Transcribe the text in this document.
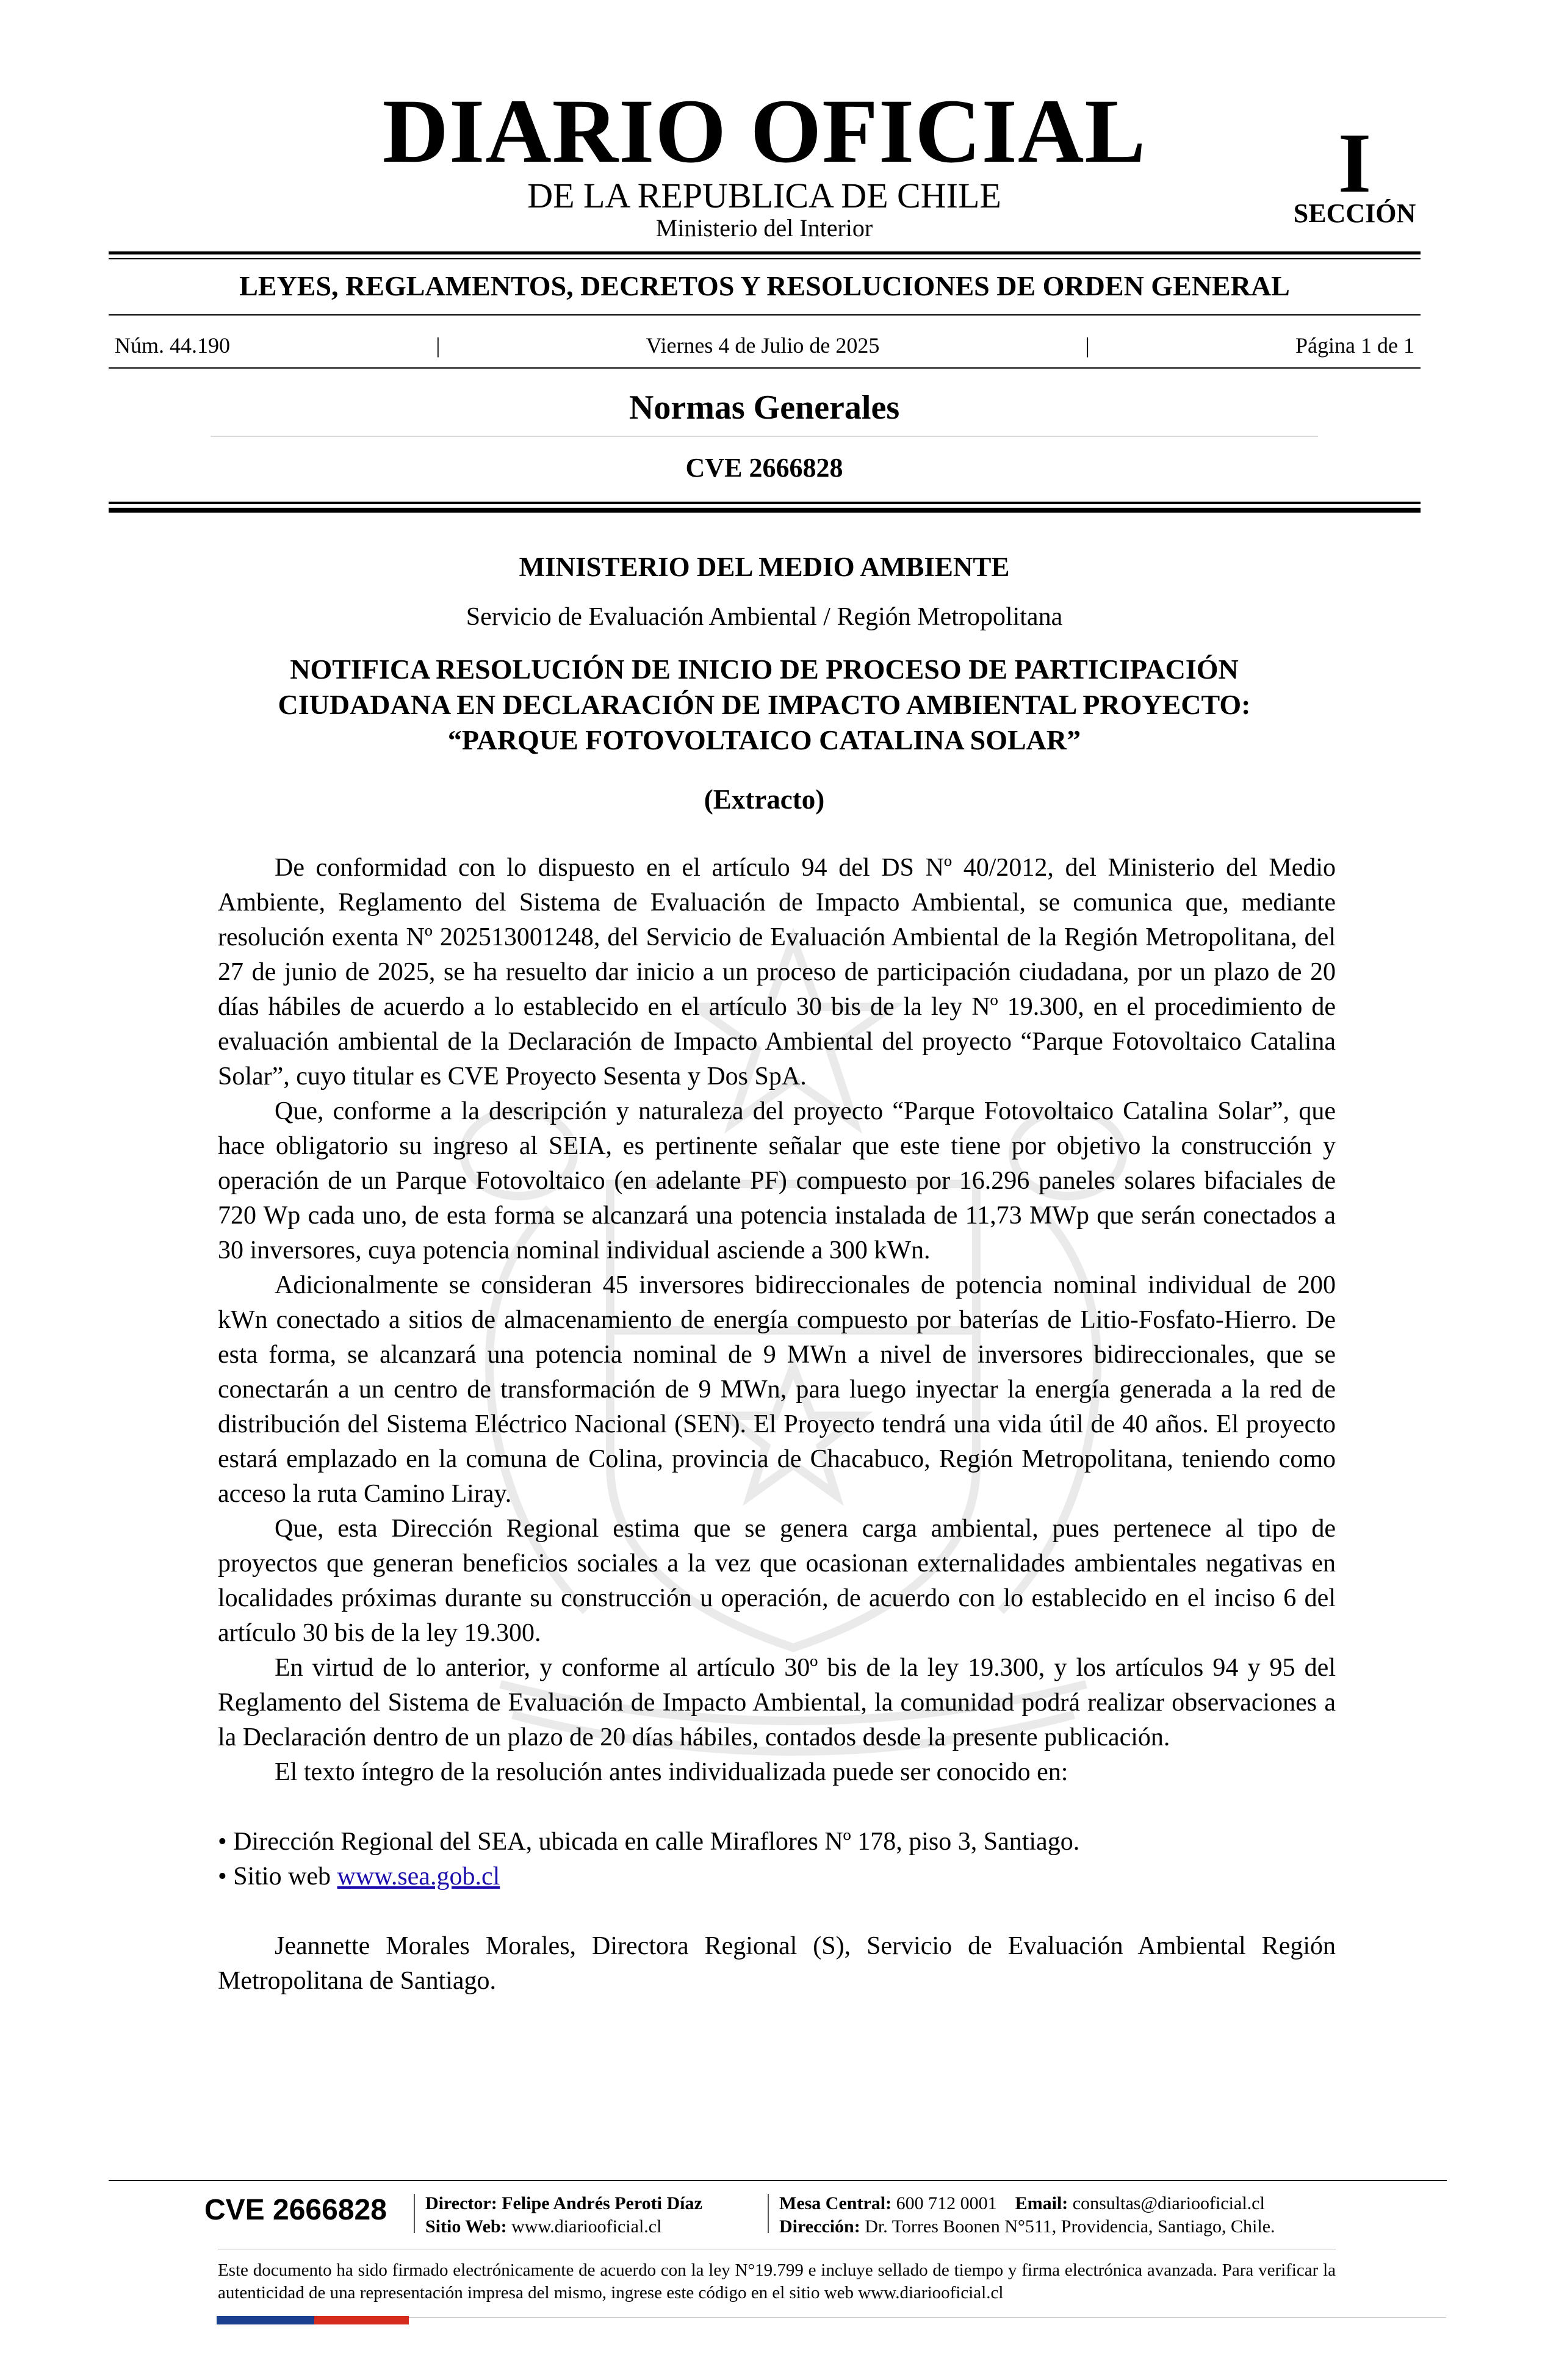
DIARIO OFICIAL
DE LA REPUBLICA DE CHILE
Ministerio del Interior
I
SECCIÓN
LEYES, REGLAMENTOS, DECRETOS Y RESOLUCIONES DE ORDEN GENERAL
Núm. 44.190	|	Viernes 4 de Julio de 2025	|	Página 1 de 1
Normas Generales
CVE 2666828
MINISTERIO DEL MEDIO AMBIENTE
Servicio de Evaluación Ambiental / Región Metropolitana
NOTIFICA RESOLUCIÓN DE INICIO DE PROCESO DE PARTICIPACIÓN
CIUDADANA EN DECLARACIÓN DE IMPACTO AMBIENTAL PROYECTO:
“PARQUE FOTOVOLTAICO CATALINA SOLAR”
(Extracto)

De conformidad con lo dispuesto en el artículo 94 del DS Nº 40/2012, del Ministerio del Medio Ambiente, Reglamento del Sistema de Evaluación de Impacto Ambiental, se comunica que, mediante resolución exenta Nº 202513001248, del Servicio de Evaluación Ambiental de la Región Metropolitana, del 27 de junio de 2025, se ha resuelto dar inicio a un proceso de participación ciudadana, por un plazo de 20 días hábiles de acuerdo a lo establecido en el artículo 30 bis de la ley Nº 19.300, en el procedimiento de evaluación ambiental de la Declaración de Impacto Ambiental del proyecto “Parque Fotovoltaico Catalina Solar”, cuyo titular es CVE Proyecto Sesenta y Dos SpA.

Que, conforme a la descripción y naturaleza del proyecto “Parque Fotovoltaico Catalina Solar”, que hace obligatorio su ingreso al SEIA, es pertinente señalar que este tiene por objetivo la construcción y operación de un Parque Fotovoltaico (en adelante PF) compuesto por 16.296 paneles solares bifaciales de 720 Wp cada uno, de esta forma se alcanzará una potencia instalada de 11,73 MWp que serán conectados a 30 inversores, cuya potencia nominal individual asciende a 300 kWn.

Adicionalmente se consideran 45 inversores bidireccionales de potencia nominal individual de 200 kWn conectado a sitios de almacenamiento de energía compuesto por baterías de Litio-Fosfato-Hierro. De esta forma, se alcanzará una potencia nominal de 9 MWn a nivel de inversores bidireccionales, que se conectarán a un centro de transformación de 9 MWn, para luego inyectar la energía generada a la red de distribución del Sistema Eléctrico Nacional (SEN). El Proyecto tendrá una vida útil de 40 años. El proyecto estará emplazado en la comuna de Colina, provincia de Chacabuco, Región Metropolitana, teniendo como acceso la ruta Camino Liray.

Que, esta Dirección Regional estima que se genera carga ambiental, pues pertenece al tipo de proyectos que generan beneficios sociales a la vez que ocasionan externalidades ambientales negativas en localidades próximas durante su construcción u operación, de acuerdo con lo establecido en el inciso 6 del artículo 30 bis de la ley 19.300.

En virtud de lo anterior, y conforme al artículo 30º bis de la ley 19.300, y los artículos 94 y 95 del Reglamento del Sistema de Evaluación de Impacto Ambiental, la comunidad podrá realizar observaciones a la Declaración dentro de un plazo de 20 días hábiles, contados desde la presente publicación.

El texto íntegro de la resolución antes individualizada puede ser conocido en:

• Dirección Regional del SEA, ubicada en calle Miraflores Nº 178, piso 3, Santiago.

• Sitio web www.sea.gob.cl

Jeannette Morales Morales, Directora Regional (S), Servicio de Evaluación Ambiental Región Metropolitana de Santiago.

CVE 2666828 Director: Felipe Andrés Peroti Díaz
Sitio Web: www.diariooficial.cl
Mesa Central: 600 712 0001 Email: consultas@diariooficial.cl
Dirección: Dr. Torres Boonen N°511, Providencia, Santiago, Chile.
Este documento ha sido firmado electrónicamente de acuerdo con la ley N°19.799 e incluye sellado de tiempo y firma electrónica avanzada. Para verificar la autenticidad de una representación impresa del mismo, ingrese este código en el sitio web www.diariooficial.cl
